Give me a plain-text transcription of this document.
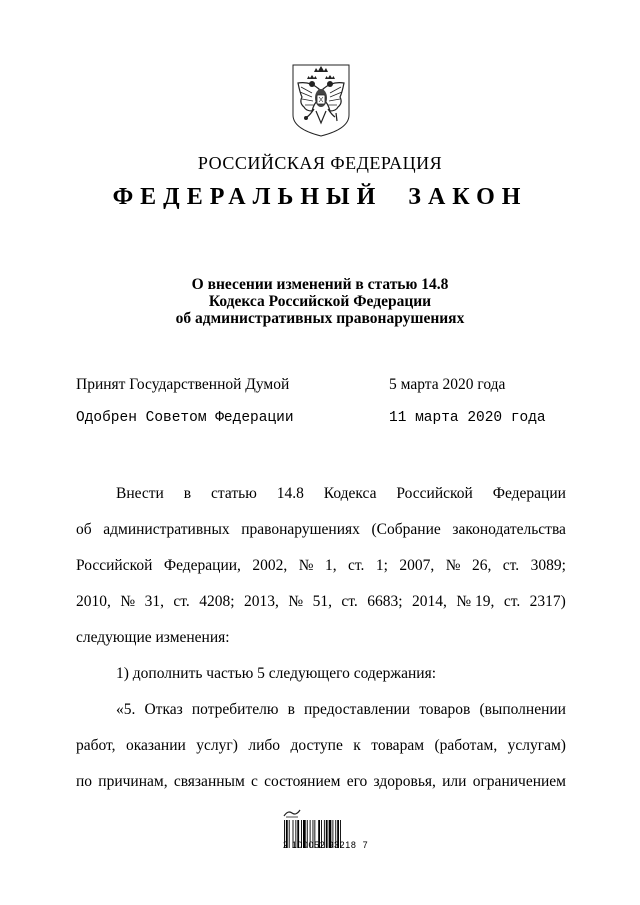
РОССИЙСКАЯ ФЕДЕРАЦИЯ
ФЕДЕРАЛЬНЫЙ  ЗАКОН
О внесении изменений в статью 14.8
Кодекса Российской Федерации
об административных правонарушениях
Принят Государственной Думой	5 марта 2020 года
Одобрен Советом Федерации	11 марта 2020 года
Внести в статью 14.8 Кодекса Российской Федерации
об административных правонарушениях (Собрание законодательства
Российской Федерации, 2002, № 1, ст. 1; 2007, № 26, ст. 3089;
2010, № 31, ст. 4208; 2013, № 51, ст. 6683; 2014, № 19, ст. 2317)
следующие изменения:
1) дополнить частью 5 следующего содержания:
«5. Отказ потребителю в предоставлении товаров (выполнении
работ, оказании услуг) либо доступе к товарам (работам, услугам)
по причинам, связанным с состоянием его здоровья, или ограничением
2 100052 93218  7
